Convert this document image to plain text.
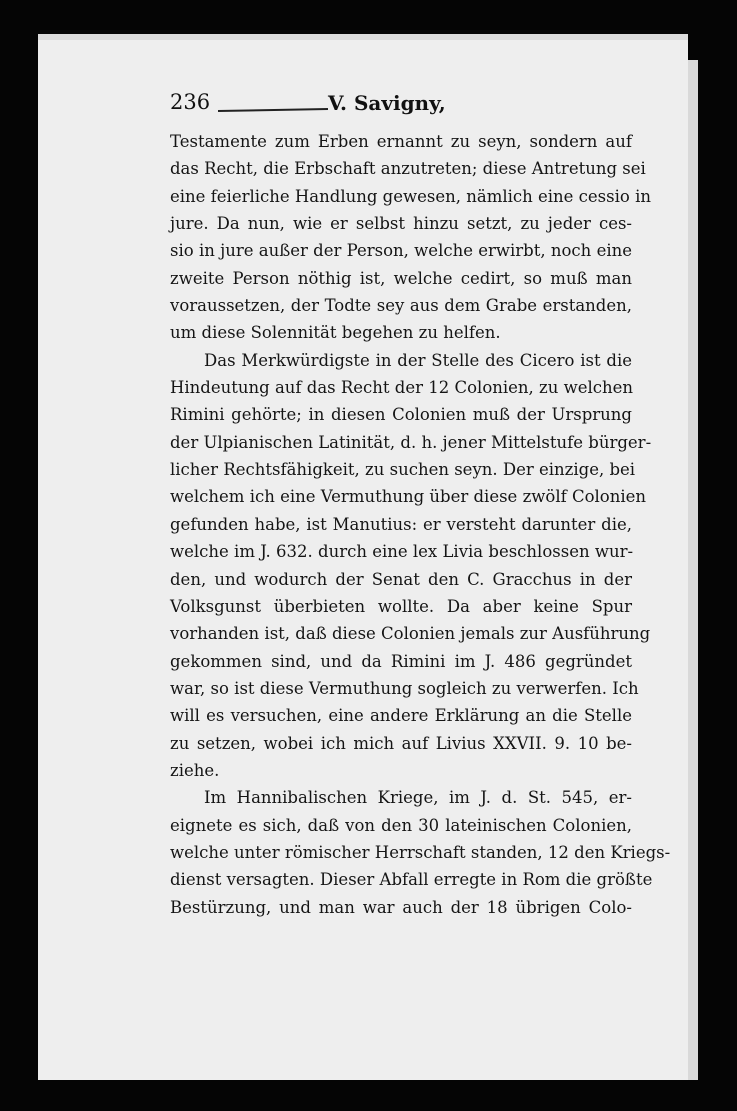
236	V. Savigny,
Testamente zum Erben ernannt zu seyn, sondern auf
das Recht, die Erbschaft anzutreten; diese Antretung sei
eine feierliche Handlung gewesen, nämlich eine cessio in
jure. Da nun, wie er selbst hinzu setzt, zu jeder ces-
sio in jure außer der Person, welche erwirbt, noch eine
zweite Person nöthig ist, welche cedirt, so muß man
voraussetzen, der Todte sey aus dem Grabe erstanden,
um diese Solennität begehen zu helfen.
Das Merkwürdigste in der Stelle des Cicero ist die
Hindeutung auf das Recht der 12 Colonien, zu welchen
Rimini gehörte; in diesen Colonien muß der Ursprung
der Ulpianischen Latinität, d. h. jener Mittelstufe bürger-
licher Rechtsfähigkeit, zu suchen seyn. Der einzige, bei
welchem ich eine Vermuthung über diese zwölf Colonien
gefunden habe, ist Manutius: er versteht darunter die,
welche im J. 632. durch eine lex Livia beschlossen wur-
den, und wodurch der Senat den C. Gracchus in der
Volksgunst überbieten wollte. Da aber keine Spur
vorhanden ist, daß diese Colonien jemals zur Ausführung
gekommen sind, und da Rimini im J. 486 gegründet
war, so ist diese Vermuthung sogleich zu verwerfen. Ich
will es versuchen, eine andere Erklärung an die Stelle
zu setzen, wobei ich mich auf Livius XXVII. 9. 10 be-
ziehe.
Im Hannibalischen Kriege, im J. d. St. 545, er-
eignete es sich, daß von den 30 lateinischen Colonien,
welche unter römischer Herrschaft standen, 12 den Kriegs-
dienst versagten. Dieser Abfall erregte in Rom die größte
Bestürzung, und man war auch der 18 übrigen Colo-
